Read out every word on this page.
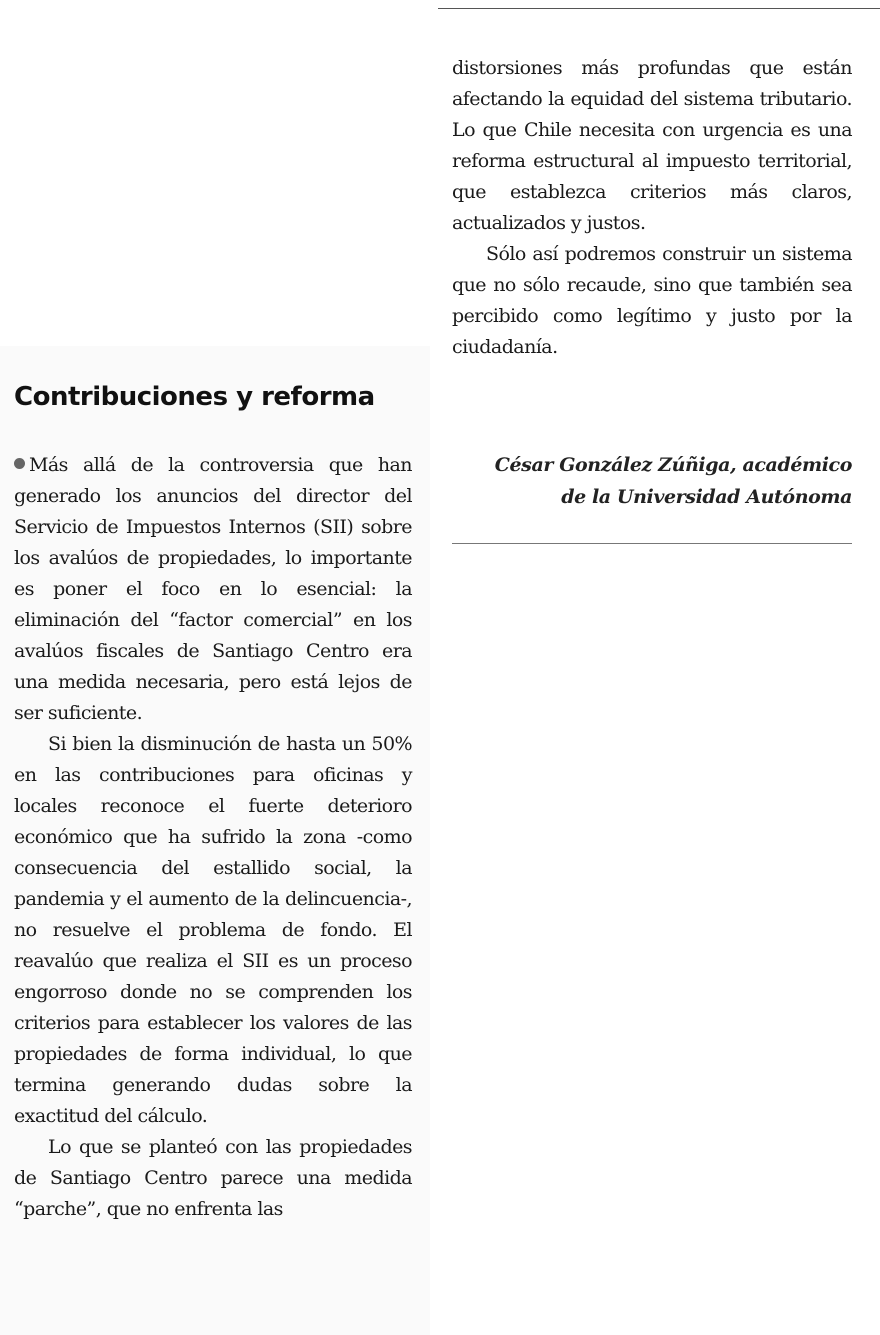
Contribuciones y reforma

Más allá de la controversia que han generado los anuncios del director del Servicio de Impuestos Internos (SII) sobre los avalúos de propiedades, lo importante es poner el foco en lo esencial: la eliminación del “factor comercial” en los avalúos fiscales de Santiago Centro era una medida necesaria, pero está lejos de ser suficiente.

Si bien la disminución de hasta un 50% en las contribuciones para oficinas y locales reconoce el fuerte deterioro económico que ha sufrido la zona -como consecuencia del estallido social, la pandemia y el aumento de la delincuencia-, no resuelve el problema de fondo. El reavalúo que realiza el SII es un proceso engorroso donde no se comprenden los criterios para establecer los valores de las propiedades de forma individual, lo que termina generando dudas sobre la exactitud del cálculo.

Lo que se planteó con las propiedades de Santiago Centro parece una medida “parche”, que no enfrenta las

distorsiones más profundas que están afectando la equidad del sistema tributario. Lo que Chile necesita con urgencia es una reforma estructural al impuesto territorial, que establezca criterios más claros, actualizados y justos.

Sólo así podremos construir un sistema que no sólo recaude, sino que también sea percibido como legítimo y justo por la ciudadanía.

César González Zúñiga, académico
de la Universidad Autónoma
